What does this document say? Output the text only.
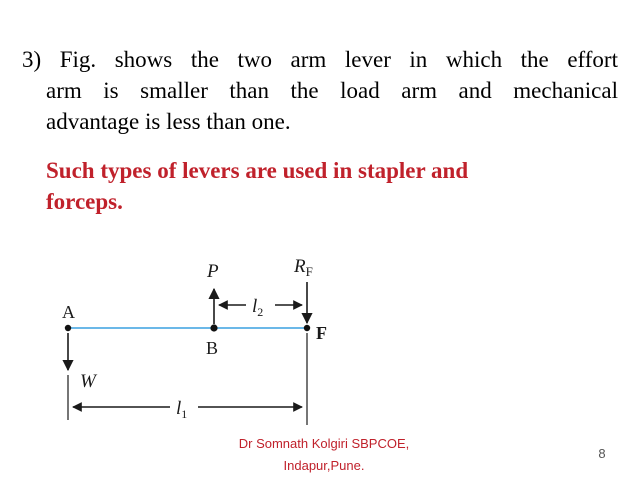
3) Fig. shows the two arm lever in which the effort
arm is smaller than the load arm and mechanical
advantage is less than one.
Such types of levers are used in stapler and
forceps.
A
B
F
P	$R_F$
W
$l_2$
$l_1$
Dr Somnath Kolgiri SBPCOE,
Indapur,Pune.
8
